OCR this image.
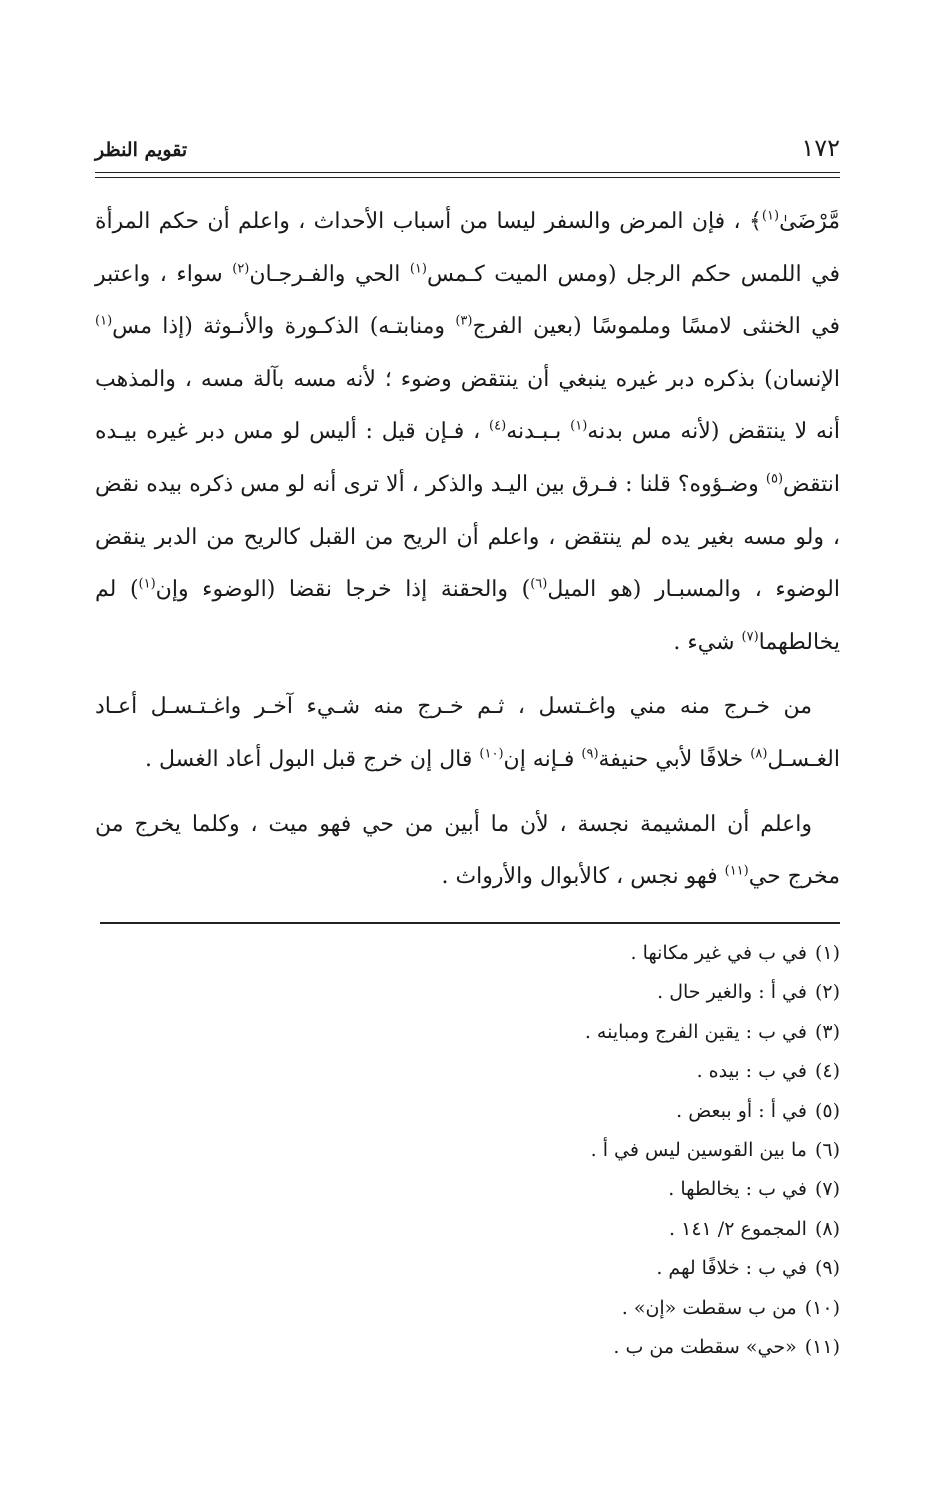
١٧٢
تقويم النظر

مَّرْضَىٰ$^{(١)}$﴾ ، فإن المرض والسفر ليسا من أسباب الأحداث ، واعلم أن حكم المرأة في اللمس حكم الرجل (ومس الميت كـمس$^{(١)}$ الحي والفـرجـان$^{(٢)}$ سواء ، واعتبر في الخنثى لامسًا وملموسًا (بعين الفرج$^{(٣)}$ ومنابتـه) الذكـورة والأنـوثة (إذا مس$^{(١)}$ الإنسان) بذكره دبر غيره ينبغي أن ينتقض وضوء ؛ لأنه مسه بآلة مسه ، والمذهب أنه لا ينتقض (لأنه مس بدنه$^{(١)}$ بـبـدنه$^{(٤)}$ ، فـإن قيل : أليس لو مس دبر غيره بيـده انتقض$^{(٥)}$ وضـؤوه؟ قلنا : فـرق بين اليـد والذكر ، ألا ترى أنه لو مس ذكره بيده نقض ، ولو مسه بغير يده لم ينتقض ، واعلم أن الريح من القبل كالريح من الدبر ينقض الوضوء ، والمسبـار (هو الميل$^{(٦)}$) والحقنة إذا خرجا نقضا (الوضوء وإن$^{(١)}$) لم يخالطهما$^{(٧)}$ شيء .

من خـرج منه مني واغـتسل ، ثـم خـرج منه شـيء آخـر واغـتـسـل أعـاد الغـسـل$^{(٨)}$ خلافًا لأبي حنيفة$^{(٩)}$ فـإنه إن$^{(١٠)}$ قال إن خرج قبل البول أعاد الغسل .

واعلم أن المشيمة نجسة ، لأن ما أبين من حي فهو ميت ، وكلما يخرج من مخرج حي$^{(١١)}$ فهو نجس ، كالأبوال والأرواث .

(١)في ب في غير مكانها .
(٢)في أ : والغير حال .
(٣)في ب : يقين الفرج ومباينه .
(٤)في ب : بيده .
(٥)في أ : أو ببعض .
(٦)ما بين القوسين ليس في أ .
(٧)في ب : يخالطها .
(٨)المجموع ٢/ ١٤١ .
(٩)في ب : خلافًا لهم .
(١٠)من ب سقطت «إن» .
(١١)«حي» سقطت من ب .
